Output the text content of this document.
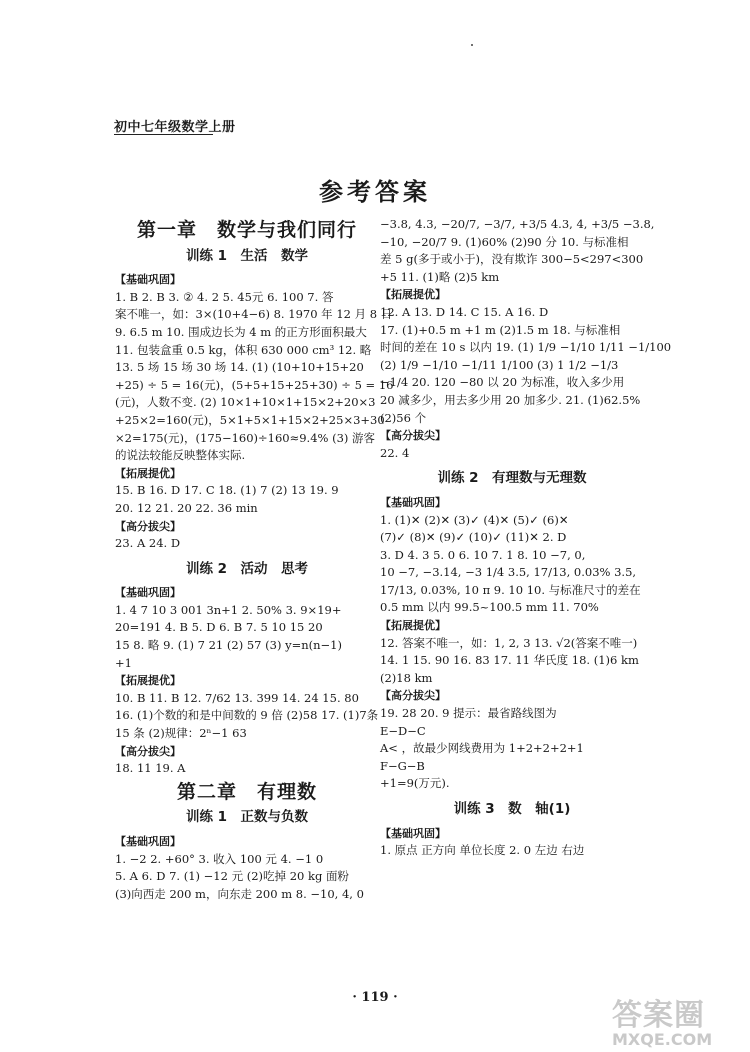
初中七年级数学上册
参考答案
第一章　数学与我们同行
训练 1　生活　数学
【基础巩固】
1. B 2. B 3. ② 4. 2 5. 45元 6. 100 7. 答
案不唯一，如：3×(10+4−6) 8. 1970 年 12 月 8 日
9. 6.5 m 10. 围成边长为 4 m 的正方形面积最大
11. 包装盒重 0.5 kg，体积 630 000 cm³ 12. 略
13. 5 场 15 场 30 场 14. (1) (10+10+15+20
+25) ÷ 5 = 16(元)，(5+5+15+25+30) ÷ 5 = 16
(元)，人数不变. (2) 10×1+10×1+15×2+20×3
+25×2=160(元)，5×1+5×1+15×2+25×3+30
×2=175(元)，(175−160)÷160≈9.4% (3) 游客
的说法较能反映整体实际.
【拓展提优】
15. B 16. D 17. C 18. (1) 7 (2) 13 19. 9
20. 12 21. 20 22. 36 min
【高分拔尖】
23. A 24. D
训练 2　活动　思考
【基础巩固】
1. 4 7 10 3 001 3n+1 2. 50% 3. 9×19+
20=191 4. B 5. D 6. B 7. 5 10 15 20
15 8. 略 9. (1) 7 21 (2) 57 (3) y=n(n−1)
+1
【拓展提优】
10. B 11. B 12. 7/62 13. 399 14. 24 15. 80
16. (1)个数的和是中间数的 9 倍 (2)58 17. (1)7条
15 条 (2)规律：2ⁿ−1 63
【高分拔尖】
18. 11 19. A
第二章　有理数
训练 1　正数与负数
【基础巩固】
1. −2 2. +60° 3. 收入 100 元 4. −1 0
5. A 6. D 7. (1) −12 元 (2)吃掉 20 kg 面粉
(3)向西走 200 m，向东走 200 m 8. −10, 4, 0
−3.8, 4.3, −20/7, −3/7, +3/5 4.3, 4, +3/5 −3.8,
−10, −20/7 9. (1)60% (2)90 分 10. 与标准相
差 5 g(多于或小于)，没有欺诈 300−5<297<300
+5 11. (1)略 (2)5 km
【拓展提优】
12. A 13. D 14. C 15. A 16. D
17. (1)+0.5 m +1 m (2)1.5 m 18. 与标准相
时间的差在 10 s 以内 19. (1) 1/9 −1/10 1/11 −1/100
(2) 1/9 −1/10 −1/11 1/100 (3) 1 1/2 −1/3
−1/4 20. 120 −80 以 20 为标准，收入多少用
20 减多少，用去多少用 20 加多少. 21. (1)62.5%
(2)56 个
【高分拔尖】
22. 4
训练 2　有理数与无理数
【基础巩固】
1. (1)✕ (2)✕ (3)✓ (4)✕ (5)✓ (6)✕
(7)✓ (8)✕ (9)✓ (10)✓ (11)✕ 2. D
3. D 4. 3 5. 0 6. 10 7. 1 8. 10 −7, 0,
10 −7, −3.14, −3 1/4 3.5, 17/13, 0.03% 3.5,
17/13, 0.03%, 10 π 9. 10 10. 与标准尺寸的差在
0.5 mm 以内 99.5~100.5 mm 11. 70%
【拓展提优】
12. 答案不唯一，如：1, 2, 3 13. √2(答案不唯一)
14. 1 15. 90 16. 83 17. 11 华氏度 18. (1)6 km
(2)18 km
【高分拔尖】
19. 28 20. 9 提示：最省路线图为
E−D−C
A< ，故最少网线费用为 1+2+2+2+1
F−G−B
+1=9(万元).
训练 3　数　轴(1)
【基础巩固】
1. 原点 正方向 单位长度 2. 0 左边 右边
· 119 ·
答案圈
MXQE.COM
